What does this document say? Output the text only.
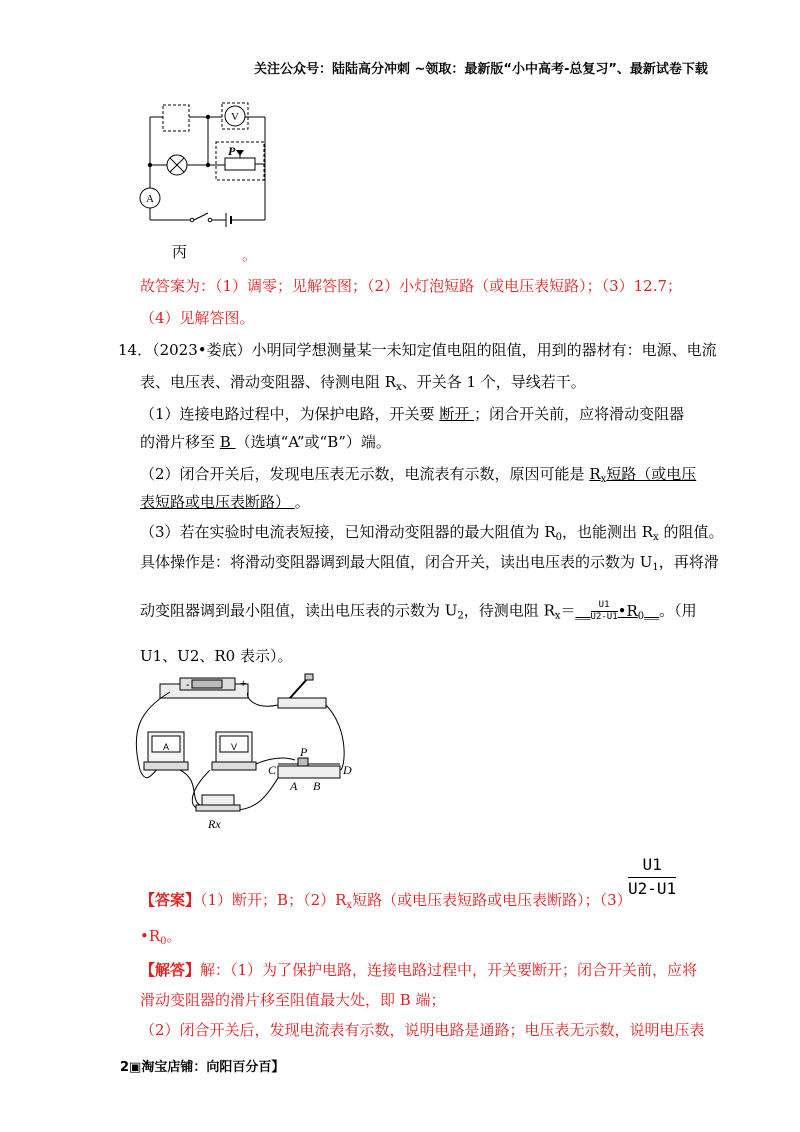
关注公众号：陆陆高分冲刺 ~领取：最新版“小中高考-总复习”、最新试卷下载
V
A
P
丙	。
故答案为：（1）调零；见解答图；（2）小灯泡短路（或电压表短路）；（3）12.7；
（4）见解答图。
14．（2023•娄底）小明同学想测量某一未知定值电阻的阻值，用到的器材有：电源、电流
表、电压表、滑动变阻器、待测电阻 $R_x$、开关各 1 个，导线若干。
（1）连接电路过程中，为保护电路，开关要 断开 ；闭合开关前，应将滑动变阻器
的滑片移至 B （选填“A”或“B”）端。
（2）闭合开关后，发现电压表无示数，电流表有示数，原因可能是 $R_x$短路（或电压
表短路或电压表断路） 。
（3）若在实验时电流表短接，已知滑动变阻器的最大阻值为 $R_0$，也能测出 $R_x$ 的阻值。
具体操作是：将滑动变阻器调到最大阻值，闭合开关，读出电压表的示数为 $U_1$，再将滑
动变阻器调到最小阻值，读出电压表的示数为 $U_2$，待测电阻 $R_x=\_\_ \frac{U1}{U2-U1}$ $•R_0\_\_$。（用
U1、U2、R0 表示）。
-	+
A	V	P
C	D
A B
Rx
【答案】（1）断开；B；$(2)R_x$短路（或电压表短路或电压表断路）；（3）
$\frac{U1}{U2-U1}$
$•R_0$。
【解答】解：（1）为了保护电路，连接电路过程中，开关要断开；闭合开关前，应将
滑动变阻器的滑片移至阻值最大处，即 B 端；
（2）闭合开关后，发现电流表有示数，说明电路是通路；电压表无示数，说明电压表
2▣淘宝店铺：向阳百分百】
